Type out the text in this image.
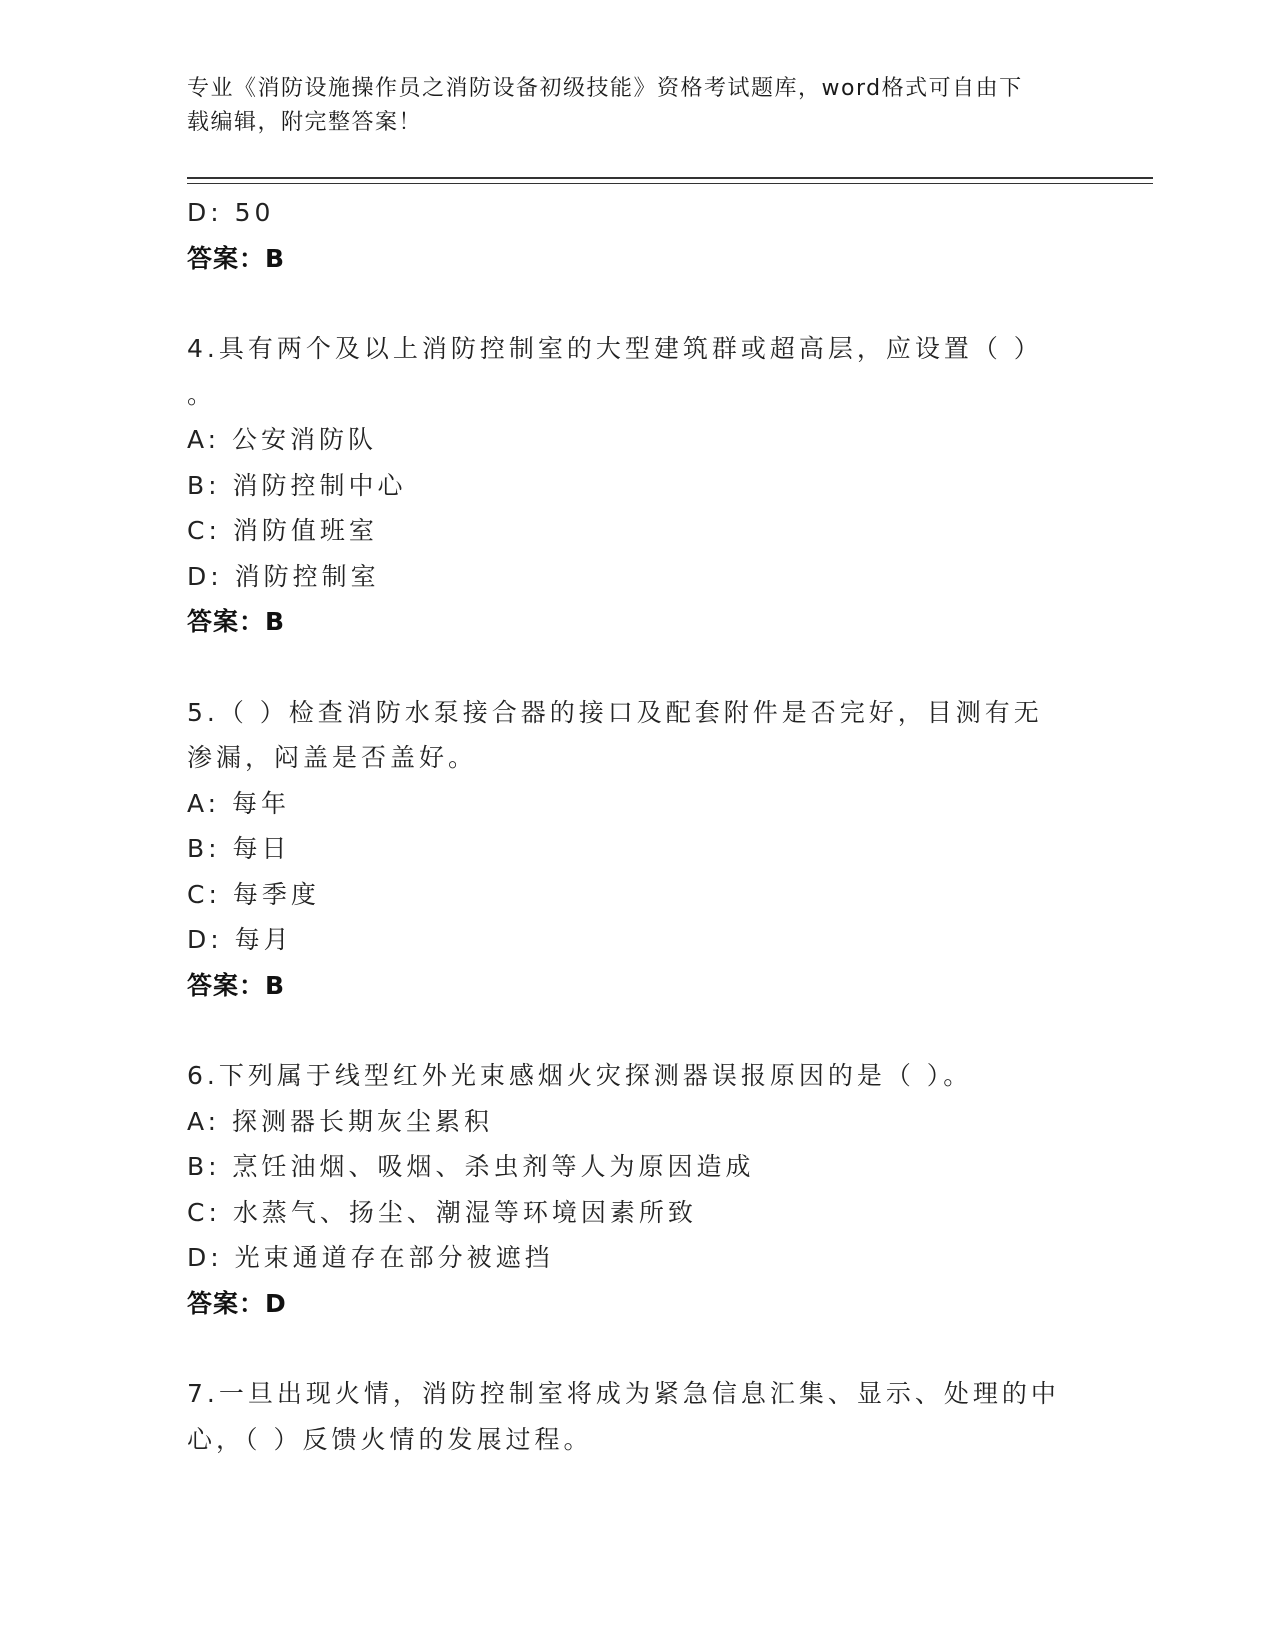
专业《消防设施操作员之消防设备初级技能》资格考试题库，word格式可自由下
载编辑，附完整答案！
D: 50
答案：B
4.具有两个及以上消防控制室的大型建筑群或超高层，应设置（ ）
。
A: 公安消防队
B: 消防控制中心
C: 消防值班室
D: 消防控制室
答案：B
5.（ ）检查消防水泵接合器的接口及配套附件是否完好，目测有无
渗漏，闷盖是否盖好。
A: 每年
B: 每日
C: 每季度
D: 每月
答案：B
6.下列属于线型红外光束感烟火灾探测器误报原因的是（ ）。
A: 探测器长期灰尘累积
B: 烹饪油烟、吸烟、杀虫剂等人为原因造成
C: 水蒸气、扬尘、潮湿等环境因素所致
D: 光束通道存在部分被遮挡
答案：D
7.一旦出现火情，消防控制室将成为紧急信息汇集、显示、处理的中
心，（ ）反馈火情的发展过程。
